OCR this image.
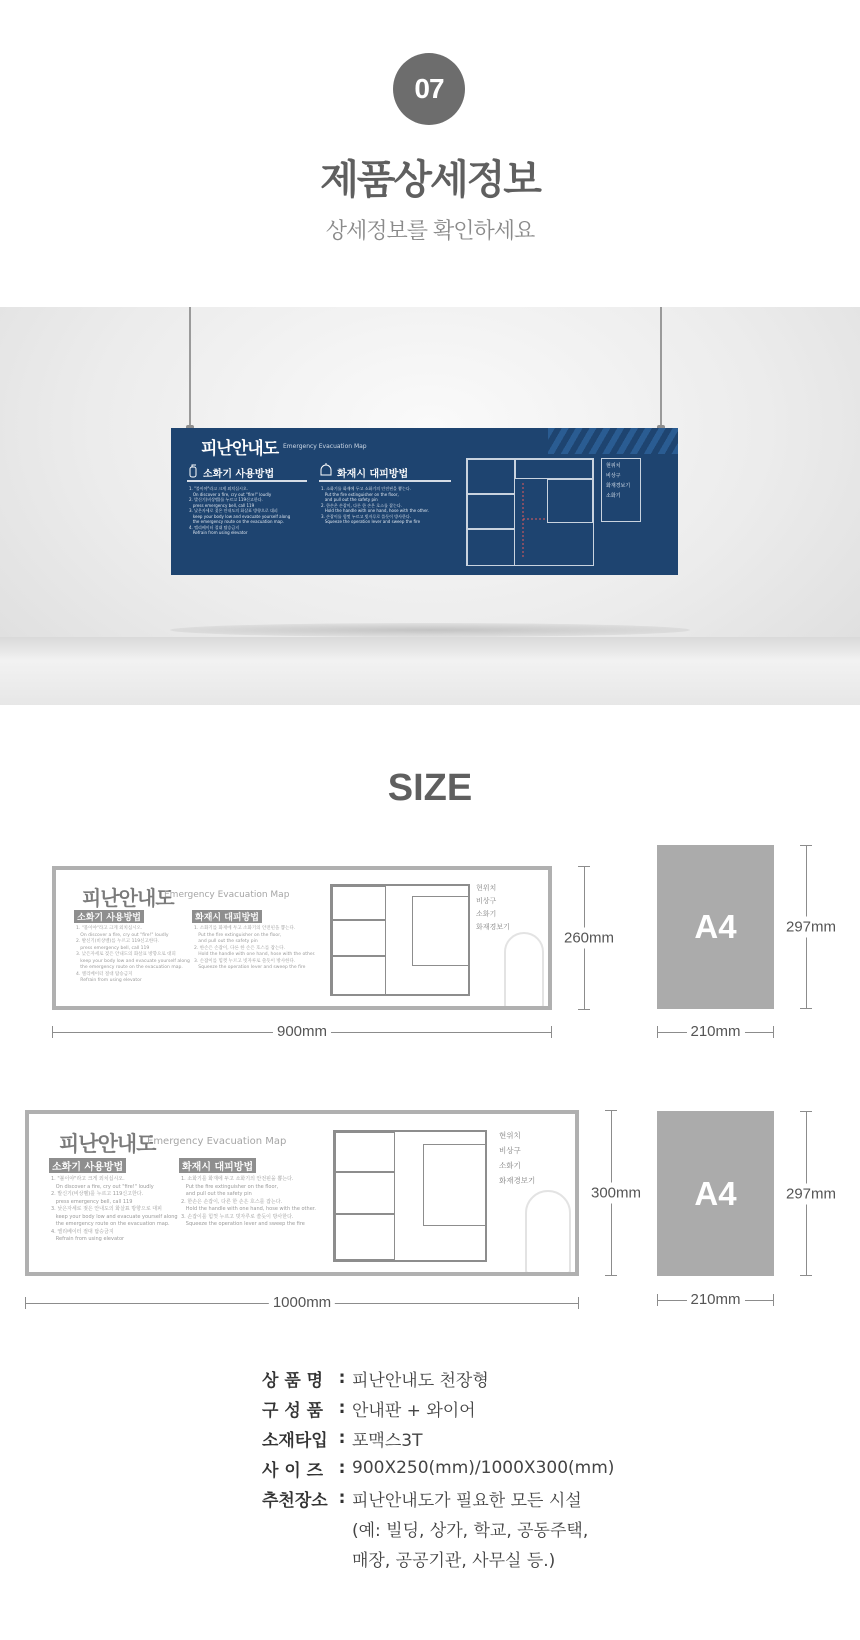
07
제품상세정보
상세정보를 확인하세요
피난안내도 Emergency Evacuation Map
소화기 사용방법
1. "불이야"라고 크게 외치십시오.
On discover a fire, cry out "fire!" loudly
2. 발신기(비상벨)를 누르고 119신고한다.
press emergency bell, call 119
3. 낮은자세로 젖은 안내도의 화살표 방향으로 대피
keep your body low and evacuate yourself along
the emergency route on the evacuation map.
4. 엘리베이터 절대 탑승금지
Refrain from using elevator
화재시 대피방법
1. 소화기를 화재에 두고 소화기의 안전핀을 뽑는다.
Put the fire extinguisher on the floor,
and pull out the safety pin
2. 한손은 손잡이, 다른 한 손은 호스를 잡는다.
Hold the handle with one hand, hose with the other.
3. 손잡이를 힘껏 누르고 빗자루로 쓸듯이 방사한다.
Squeeze the operation lever and sweep the fire
현위치
비상구
화재경보기
소화기
SIZE
피난안내도
Emergency Evacuation Map
소화기 사용방법	화재시 대피방법
1. "불이야"라고 크게 외치십시오.
On discover a fire, cry out "fire!" loudly
2. 발신기(비상벨)를 누르고 119신고한다.
press emergency bell, call 119
3. 낮은자세로 젖은 안내도의 화살표 방향으로 대피
keep your body low and evacuate yourself along
the emergency route on the evacuation map.
4. 엘리베이터 절대 탑승금지
Refrain from using elevator
1. 소화기를 화재에 두고 소화기의 안전핀을 뽑는다.
Put the fire extinguisher on the floor,
and pull out the safety pin
2. 한손은 손잡이, 다른 한 손은 호스를 잡는다.
Hold the handle with one hand, hose with the other.
3. 손잡이를 힘껏 누르고 빗자루로 쓸듯이 방사한다.
Squeeze the operation lever and sweep the fire
현위치
비상구
소화기
화재경보기
900mm
260mm	A4
210mm
297mm
피난안내도
Emergency Evacuation Map
소화기 사용방법	화재시 대피방법
1. "불이야"라고 크게 외치십시오.
On discover a fire, cry out "fire!" loudly
2. 발신기(비상벨)를 누르고 119신고한다.
press emergency bell, call 119
3. 낮은자세로 젖은 안내도의 화살표 방향으로 대피
keep your body low and evacuate yourself along
the emergency route on the evacuation map.
4. 엘리베이터 절대 탑승금지
Refrain from using elevator
1. 소화기를 화재에 두고 소화기의 안전핀을 뽑는다.
Put the fire extinguisher on the floor,
and pull out the safety pin
2. 한손은 손잡이, 다른 한 손은 호스를 잡는다.
Hold the handle with one hand, hose with the other.
3. 손잡이를 힘껏 누르고 빗자루로 쓸듯이 방사한다.
Squeeze the operation lever and sweep the fire
현위치
비상구
소화기
화재경보기
1000mm
300mm	A4
210mm
297mm
상 품 명 : 피난안내도 천장형
구 성 품 : 안내판 + 와이어
소재타입 : 포맥스3T
사 이 즈 : 900X250(mm)/1000X300(mm)
추천장소 : 피난안내도가 필요한 모든 시설
(예: 빌딩, 상가, 학교, 공동주택,
매장, 공공기관, 사무실 등.)
